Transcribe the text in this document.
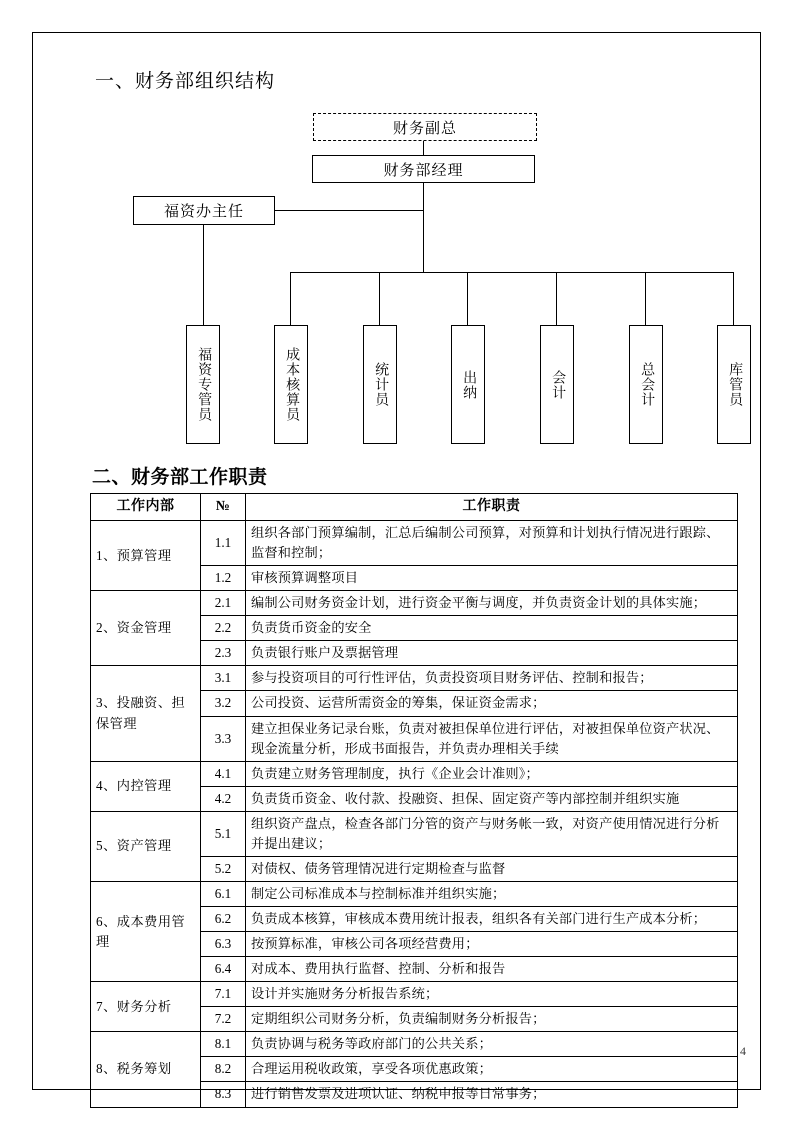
一、财务部组织结构
财务副总
财务部经理
福资办主任
福资专管员	成本核算员	统计员	出纳	会计	总会计	库管员
二、财务部工作职责
工作内部	№	工作职责
1、预算管理	1.1	组织各部门预算编制，汇总后编制公司预算，对预算和计划执行情况进行跟踪、监督和控制；
	1.2	审核预算调整项目
2、资金管理	2.1	编制公司财务资金计划，进行资金平衡与调度，并负责资金计划的具体实施；
	2.2	负责货币资金的安全
	2.3	负责银行账户及票据管理
3、投融资、担保管理	3.1	参与投资项目的可行性评估，负责投资项目财务评估、控制和报告；
	3.2	公司投资、运营所需资金的筹集，保证资金需求；
	3.3	建立担保业务记录台账，负责对被担保单位进行评估，对被担保单位资产状况、现金流量分析，形成书面报告，并负责办理相关手续
4、内控管理	4.1	负责建立财务管理制度，执行《企业会计准则》；
	4.2	负责货币资金、收付款、投融资、担保、固定资产等内部控制并组织实施
5、资产管理	5.1	组织资产盘点，检查各部门分管的资产与财务帐一致，对资产使用情况进行分析并提出建议；
	5.2	对债权、债务管理情况进行定期检查与监督
6、成本费用管理	6.1	制定公司标准成本与控制标准并组织实施；
	6.2	负责成本核算，审核成本费用统计报表，组织各有关部门进行生产成本分析；
	6.3	按预算标准，审核公司各项经营费用；
	6.4	对成本、费用执行监督、控制、分析和报告
7、财务分析	7.1	设计并实施财务分析报告系统；
	7.2	定期组织公司财务分析，负责编制财务分析报告；
8、税务筹划	8.1	负责协调与税务等政府部门的公共关系；
	8.2	合理运用税收政策，享受各项优惠政策；
	8.3	进行销售发票及进项认证、纳税申报等日常事务；
4
